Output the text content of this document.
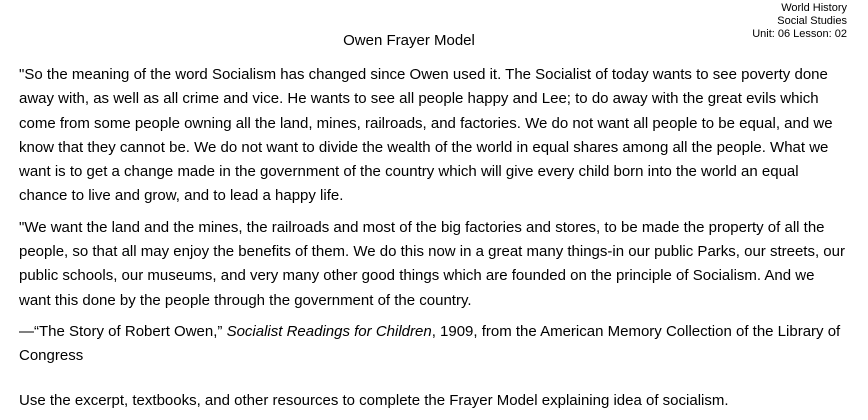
World History
Social Studies
Unit: 06 Lesson: 02
Owen Frayer Model

"So the meaning of the word Socialism has changed since Owen used it. The Socialist of today wants to see poverty done away with, as well as all crime and vice. He wants to see all people happy and Lee; to do away with the great evils which come from some people owning all the land, mines, railroads, and factories. We do not want all people to be equal, and we know that they cannot be. We do not want to divide the wealth of the world in equal shares among all the people. What we want is to get a change made in the government of the country which will give every child born into the world an equal chance to live and grow, and to lead a happy life.

"We want the land and the mines, the railroads and most of the big factories and stores, to be made the property of all the people, so that all may enjoy the benefits of them. We do this now in a great many things-in our public Parks, our streets, our public schools, our museums, and very many other good things which are founded on the principle of Socialism. And we want this done by the people through the government of the country.

—“The Story of Robert Owen,” Socialist Readings for Children, 1909, from the American Memory Collection of the Library of Congress

Use the excerpt, textbooks, and other resources to complete the Frayer Model explaining idea of socialism.
